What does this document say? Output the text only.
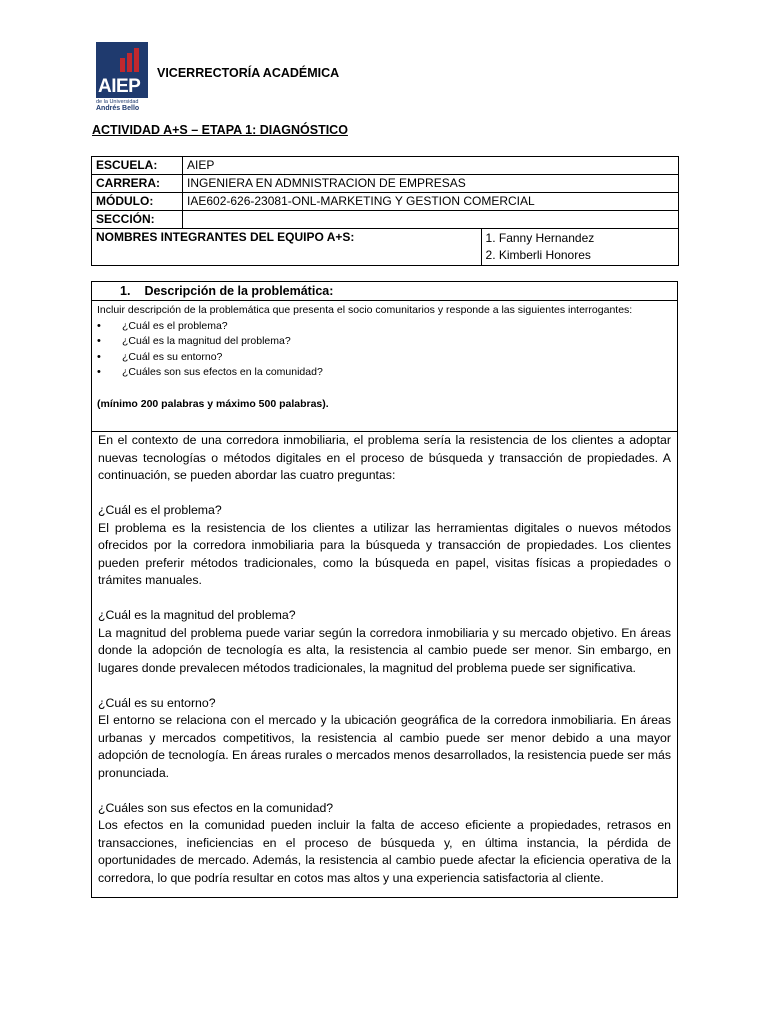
AIEP
de la Universidad
Andrés Bello
VICERRECTORÍA ACADÉMICA
ACTIVIDAD A+S – ETAPA 1: DIAGNÓSTICO
ESCUELA:	AIEP	
CARRERA:	INGENIERA EN ADMNISTRACION DE EMPRESAS	
MÓDULO:	IAE602-626-23081-ONL-MARKETING Y GESTION COMERCIAL	
SECCIÓN:		
NOMBRES INTEGRANTES DEL EQUIPO A+S:		1. Fanny Hernandez
2. Kimberli Honores
1. Descripción de la problemática:
Incluir descripción de la problemática que presenta el socio comunitarios y responde a las siguientes interrogantes:
• ¿Cuál es el problema?
• ¿Cuál es la magnitud del problema?
• ¿Cuál es su entorno?
• ¿Cuáles son sus efectos en la comunidad?
(mínimo 200 palabras y máximo 500 palabras).

En el contexto de una corredora inmobiliaria, el problema sería la resistencia de los clientes a adoptar nuevas tecnologías o métodos digitales en el proceso de búsqueda y transacción de propiedades. A continuación, se pueden abordar las cuatro preguntas:

¿Cuál es el problema?

El problema es la resistencia de los clientes a utilizar las herramientas digitales o nuevos métodos ofrecidos por la corredora inmobiliaria para la búsqueda y transacción de propiedades. Los clientes pueden preferir métodos tradicionales, como la búsqueda en papel, visitas físicas a propiedades o trámites manuales.

¿Cuál es la magnitud del problema?

La magnitud del problema puede variar según la corredora inmobiliaria y su mercado objetivo. En áreas donde la adopción de tecnología es alta, la resistencia al cambio puede ser menor. Sin embargo, en lugares donde prevalecen métodos tradicionales, la magnitud del problema puede ser significativa.

¿Cuál es su entorno?

El entorno se relaciona con el mercado y la ubicación geográfica de la corredora inmobiliaria. En áreas urbanas y mercados competitivos, la resistencia al cambio puede ser menor debido a una mayor adopción de tecnología. En áreas rurales o mercados menos desarrollados, la resistencia puede ser más pronunciada.

¿Cuáles son sus efectos en la comunidad?

Los efectos en la comunidad pueden incluir la falta de acceso eficiente a propiedades, retrasos en transacciones, ineficiencias en el proceso de búsqueda y, en última instancia, la pérdida de oportunidades de mercado. Además, la resistencia al cambio puede afectar la eficiencia operativa de la corredora, lo que podría resultar en cotos mas altos y una experiencia satisfactoria al cliente.
